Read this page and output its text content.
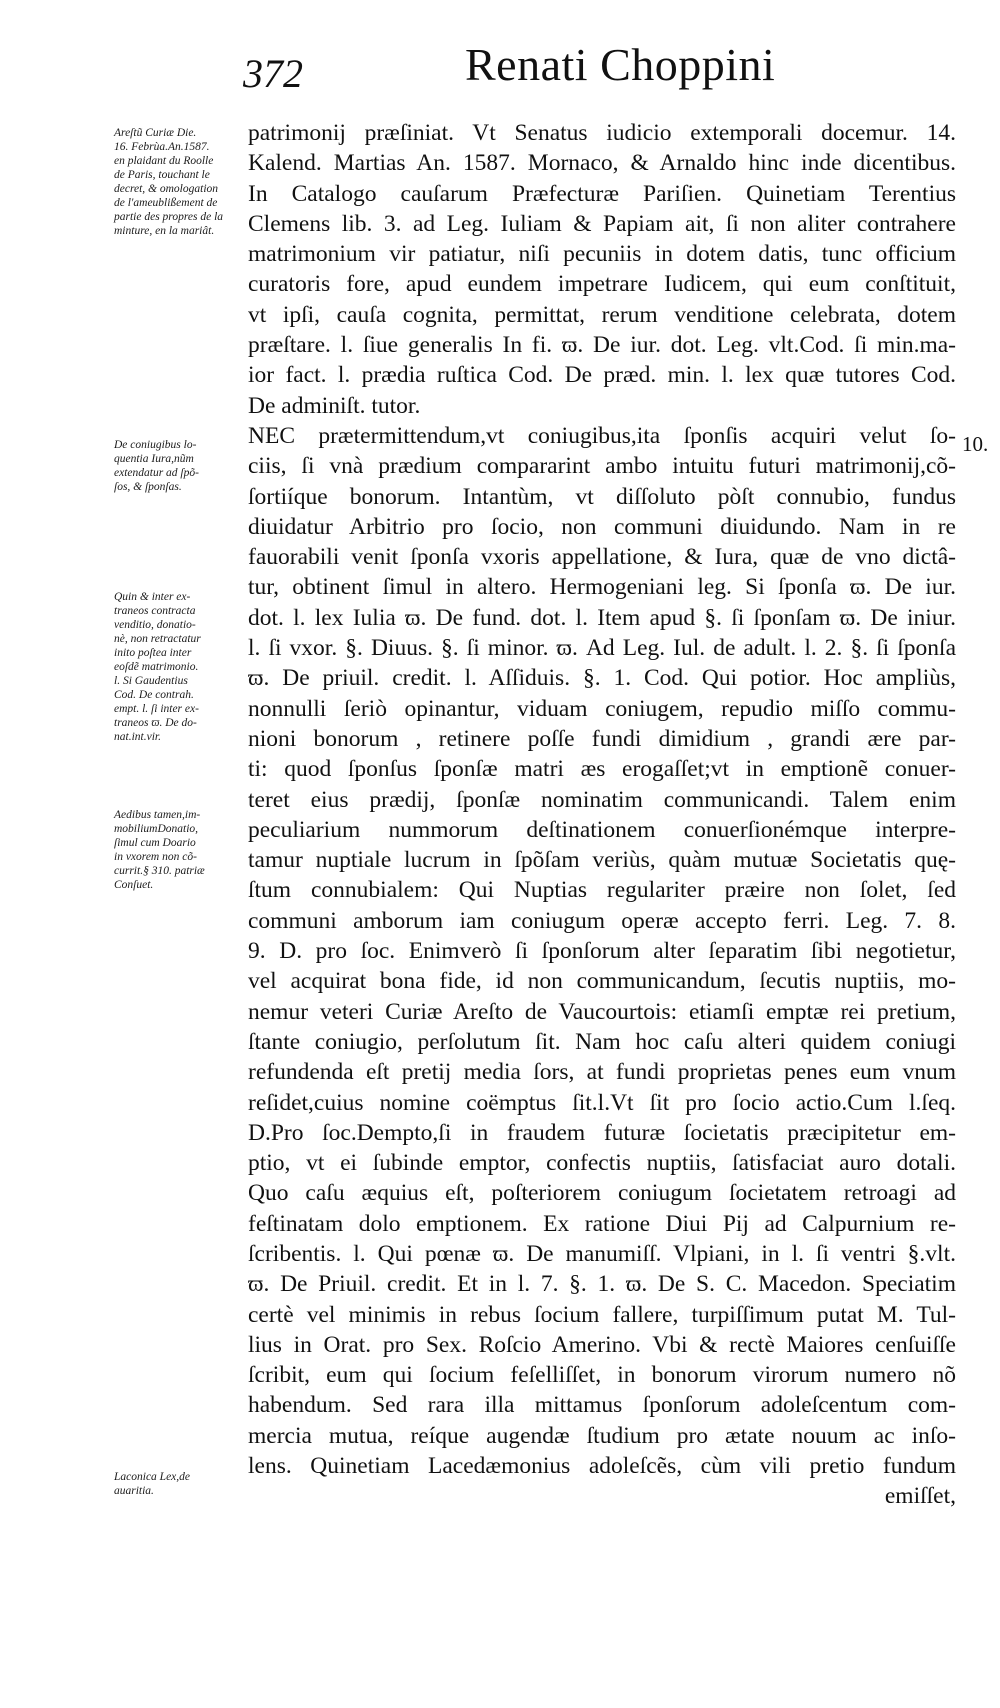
372	Renati Choppini
Areſtũ Curiæ Die.
16. Febrùa.An.1587.
en plaidant du Roolle
de Paris, touchant le
decret, & omologation
de l'ameublißement de
partie des propres de la
minture, en la mariât.
De coniugibus lo-
quentia Iura,nũm
extendatur ad ſpõ-
ſos, & ſponſas.
Quin & inter ex-
traneos contracta
venditio, donatio-
nè, non retractatur
inito poſtea inter
eoſdẽ matrimonio.
l. Si Gaudentius
Cod. De contrah.
empt. l. ſi inter ex-
traneos ϖ. De do-
nat.int.vir.
Aedibus tamen,im-
mobiliumDonatio,
ſimul cum Doario
in vxorem non cõ-
currit.§ 310. patriæ
Conſuet.
Laconica Lex,de
auaritia.
10.
patrimonij præſiniat. Vt Senatus iudicio extemporali docemur. 14.
Kalend. Martias An. 1587. Mornaco, & Arnaldo hinc inde dicentibus.
In Catalogo cauſarum Præfecturæ Pariſien. Quinetiam Terentius
Clemens lib. 3. ad Leg. Iuliam & Papiam ait, ſi non aliter contrahere
matrimonium vir patiatur, niſi pecuniis in dotem datis, tunc officium
curatoris fore, apud eundem impetrare Iudicem, qui eum conſtituit,
vt ipſi, cauſa cognita, permittat, rerum venditione celebrata, dotem
præſtare. l. ſiue generalis In fi. ϖ. De iur. dot. Leg. vlt.Cod. ſi min.ma-
ior fact. l. prædia ruſtica Cod. De præd. min. l. lex quæ tutores Cod.
De adminiſt. tutor.
NEC prætermittendum,vt coniugibus,ita ſponſis acquiri velut ſo-
ciis, ſi vnà prædium compararint ambo intuitu futuri matrimonij,cõ-
ſortiíque bonorum. Intantùm, vt diſſoluto pòſt connubio, fundus
diuidatur Arbitrio pro ſocio, non communi diuidundo. Nam in re
fauorabili venit ſponſa vxoris appellatione, & Iura, quæ de vno dictâ-
tur, obtinent ſimul in altero. Hermogeniani leg. Si ſponſa ϖ. De iur.
dot. l. lex Iulia ϖ. De fund. dot. l. Item apud §. ſi ſponſam ϖ. De iniur.
l. ſi vxor. §. Diuus. §. ſi minor. ϖ. Ad Leg. Iul. de adult. l. 2. §. ſi ſponſa
ϖ. De priuil. credit. l. Aſſiduis. §. 1. Cod. Qui potior. Hoc ampliùs,
nonnulli ſeriò opinantur, viduam coniugem, repudio miſſo commu-
nioni bonorum , retinere poſſe fundi dimidium , grandi ære par-
ti: quod ſponſus ſponſæ matri æs erogaſſet;vt in emptionẽ conuer-
teret eius prædij, ſponſæ nominatim communicandi. Talem enim
peculiarium nummorum deſtinationem conuerſionémque interpre-
tamur nuptiale lucrum in ſpõſam veriùs, quàm mutuæ Societatis quę-
ſtum connubialem: Qui Nuptias regulariter præire non ſolet, ſed
communi amborum iam coniugum operæ accepto ferri. Leg. 7. 8.
9. D. pro ſoc. Enimverò ſi ſponſorum alter ſeparatim ſibi negotietur,
vel acquirat bona fide, id non communicandum, ſecutis nuptiis, mo-
nemur veteri Curiæ Areſto de Vaucourtois: etiamſi emptæ rei pretium,
ſtante coniugio, perſolutum ſit. Nam hoc caſu alteri quidem coniugi
refundenda eſt pretij media ſors, at fundi proprietas penes eum vnum
reſidet,cuius nomine coëmptus ſit.l.Vt ſit pro ſocio actio.Cum l.ſeq.
D.Pro ſoc.Dempto,ſi in fraudem futuræ ſocietatis præcipitetur em-
ptio, vt ei ſubinde emptor, confectis nuptiis, ſatisfaciat auro dotali.
Quo caſu æquius eſt, poſteriorem coniugum ſocietatem retroagi ad
feſtinatam dolo emptionem. Ex ratione Diui Pij ad Calpurnium re-
ſcribentis. l. Qui pœnæ ϖ. De manumiſſ. Vlpiani, in l. ſi ventri §.vlt.
ϖ. De Priuil. credit. Et in l. 7. §. 1. ϖ. De S. C. Macedon. Speciatim
certè vel minimis in rebus ſocium fallere, turpiſſimum putat M. Tul-
lius in Orat. pro Sex. Roſcio Amerino. Vbi & rectè Maiores cenſuiſſe
ſcribit, eum qui ſocium feſelliſſet, in bonorum virorum numero nõ
habendum. Sed rara illa mittamus ſponſorum adoleſcentum com-
mercia mutua, reíque augendæ ſtudium pro ætate nouum ac inſo-
lens. Quinetiam Lacedæmonius adoleſcẽs, cùm vili pretio fundum
emiſſet,
